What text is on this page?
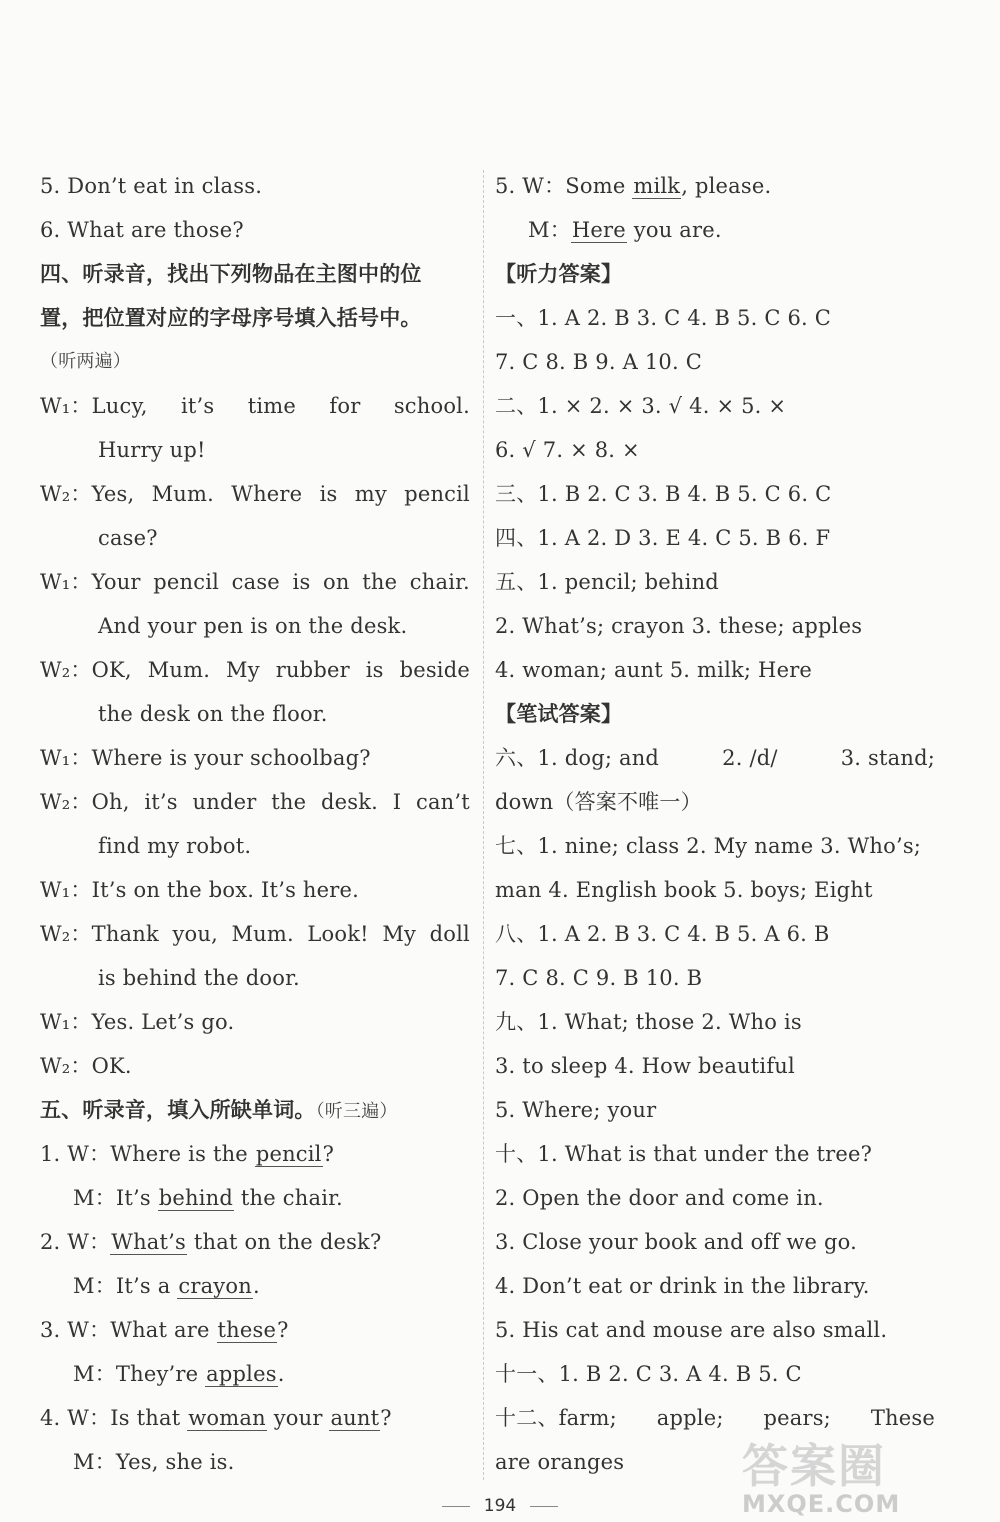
5. Don’t eat in class.
6. What are those?
四、听录音，找出下列物品在主图中的位
置，把位置对应的字母序号填入括号中。
（听两遍）
W₁： Lucy, it’s time for school.
Hurry up!
W₂： Yes, Mum. Where is my pencil
case?
W₁： Your pencil case is on the chair.
And your pen is on the desk.
W₂： OK, Mum. My rubber is beside
the desk on the floor.
W₁：Where is your schoolbag?
W₂： Oh, it’s under the desk. I can’t
find my robot.
W₁：It’s on the box. It’s here.
W₂： Thank you, Mum. Look! My doll
is behind the door.
W₁：Yes. Let’s go.
W₂：OK.
五、听录音，填入所缺单词。（听三遍）
1. W：Where is the pencil?
M：It’s behind the chair.
2. W：What’s that on the desk?
M：It’s a crayon.
3. W：What are these?
M：They’re apples.
4. W：Is that woman your aunt?
M：Yes, she is.
5. W：Some milk, please.
M：Here you are.
【听力答案】
一、1. A 2. B 3. C 4. B 5. C 6. C
7. C 8. B 9. A 10. C
二、1. × 2. × 3. √ 4. × 5. ×
6. √ 7. × 8. ×
三、1. B 2. C 3. B 4. B 5. C 6. C
四、1. A 2. D 3. E 4. C 5. B 6. F
五、1. pencil; behind
2. What’s; crayon 3. these; apples
4. woman; aunt 5. milk; Here
【笔试答案】
六、1. dog; and	2. /d/	3. stand;
down（答案不唯一）
七、1. nine; class 2. My name 3. Who’s;
man 4. English book 5. boys; Eight
八、1. A 2. B 3. C 4. B 5. A 6. B
7. C 8. C 9. B 10. B
九、1. What; those 2. Who is
3. to sleep 4. How beautiful
5. Where; your
十、1. What is that under the tree?
2. Open the door and come in.
3. Close your book and off we go.
4. Don’t eat or drink in the library.
5. His cat and mouse are also small.
十一、1. B 2. C 3. A 4. B 5. C
十二、farm; apple; pears; These
are oranges
194
答案圈
MXQE.COM
